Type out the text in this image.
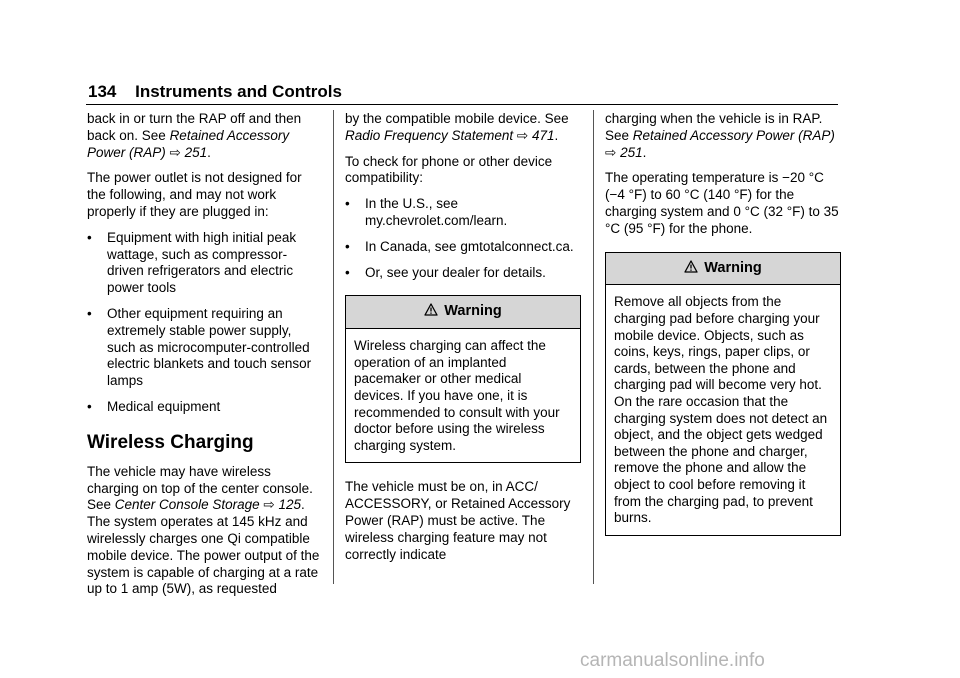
134 Instruments and Controls

back in or turn the RAP off and then back on. See Retained Accessory Power (RAP) ⇨ 251.

The power outlet is not designed for the following, and may not work properly if they are plugged in:

•	Equipment with high initial peak wattage, such as compressor-driven refrigerators and electric power tools
•	Other equipment requiring an extremely stable power supply, such as microcomputer-controlled electric blankets and touch sensor lamps
•	Medical equipment
Wireless Charging

The vehicle may have wireless charging on top of the center console. See Center Console Storage ⇨ 125. The system operates at 145 kHz and wirelessly charges one Qi compatible mobile device. The power output of the system is capable of charging at a rate up to 1 amp (5W), as requested

by the compatible mobile device. See Radio Frequency Statement ⇨ 471.

To check for phone or other device compatibility:

•	In the U.S., see my.chevrolet.com/learn.
•	In Canada, see gmtotalconnect.ca.
•	Or, see your dealer for details.
Warning
Wireless charging can affect the operation of an implanted pacemaker or other medical devices. If you have one, it is recommended to consult with your doctor before using the wireless charging system.

The vehicle must be on, in ACC/ ACCESSORY, or Retained Accessory Power (RAP) must be active. The wireless charging feature may not correctly indicate

charging when the vehicle is in RAP. See Retained Accessory Power (RAP) ⇨ 251.

The operating temperature is −20 °C (−4 °F) to 60 °C (140 °F) for the charging system and 0 °C (32 °F) to 35 °C (95 °F) for the phone.

Warning
Remove all objects from the charging pad before charging your mobile device. Objects, such as coins, keys, rings, paper clips, or cards, between the phone and charging pad will become very hot. On the rare occasion that the charging system does not detect an object, and the object gets wedged between the phone and charger, remove the phone and allow the object to cool before removing it from the charging pad, to prevent burns.
carmanualsonline.info
